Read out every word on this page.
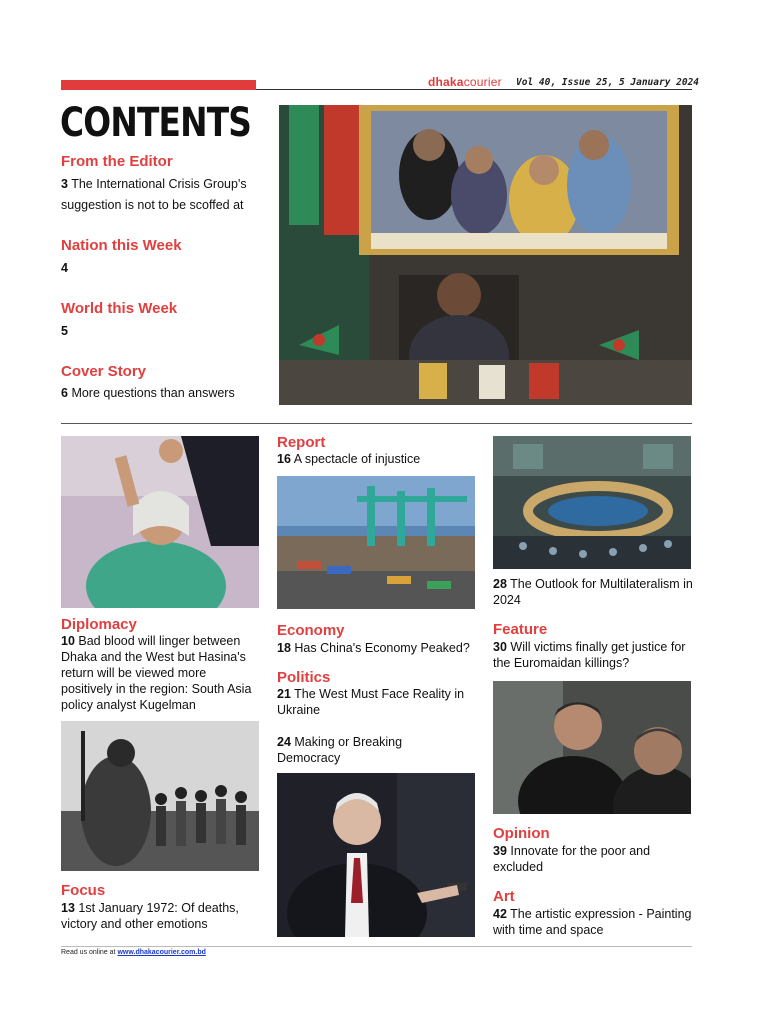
dhakacourier Vol 40, Issue 25, 5 January 2024
CONTENTS
From the Editor
3 The International Crisis Group's suggestion is not to be scoffed at
Nation this Week
4
World this Week
5
Cover Story
6 More questions than answers
Diplomacy
10 Bad blood will linger between Dhaka and the West but Hasina's return will be viewed more positively in the region: South Asia policy analyst Kugelman
Focus
13 1st January 1972: Of deaths, victory and other emotions
Report
16 A spectacle of injustice
Economy
18 Has China's Economy Peaked?
Politics
21 The West Must Face Reality in Ukraine
24 Making or Breaking Democracy
28 The Outlook for Multilateralism in 2024
Feature
30 Will victims finally get justice for the Euromaidan killings?
Opinion
39 Innovate for the poor and excluded
Art
42 The artistic expression - Painting with time and space
Read us online at www.dhakacourier.com.bd
